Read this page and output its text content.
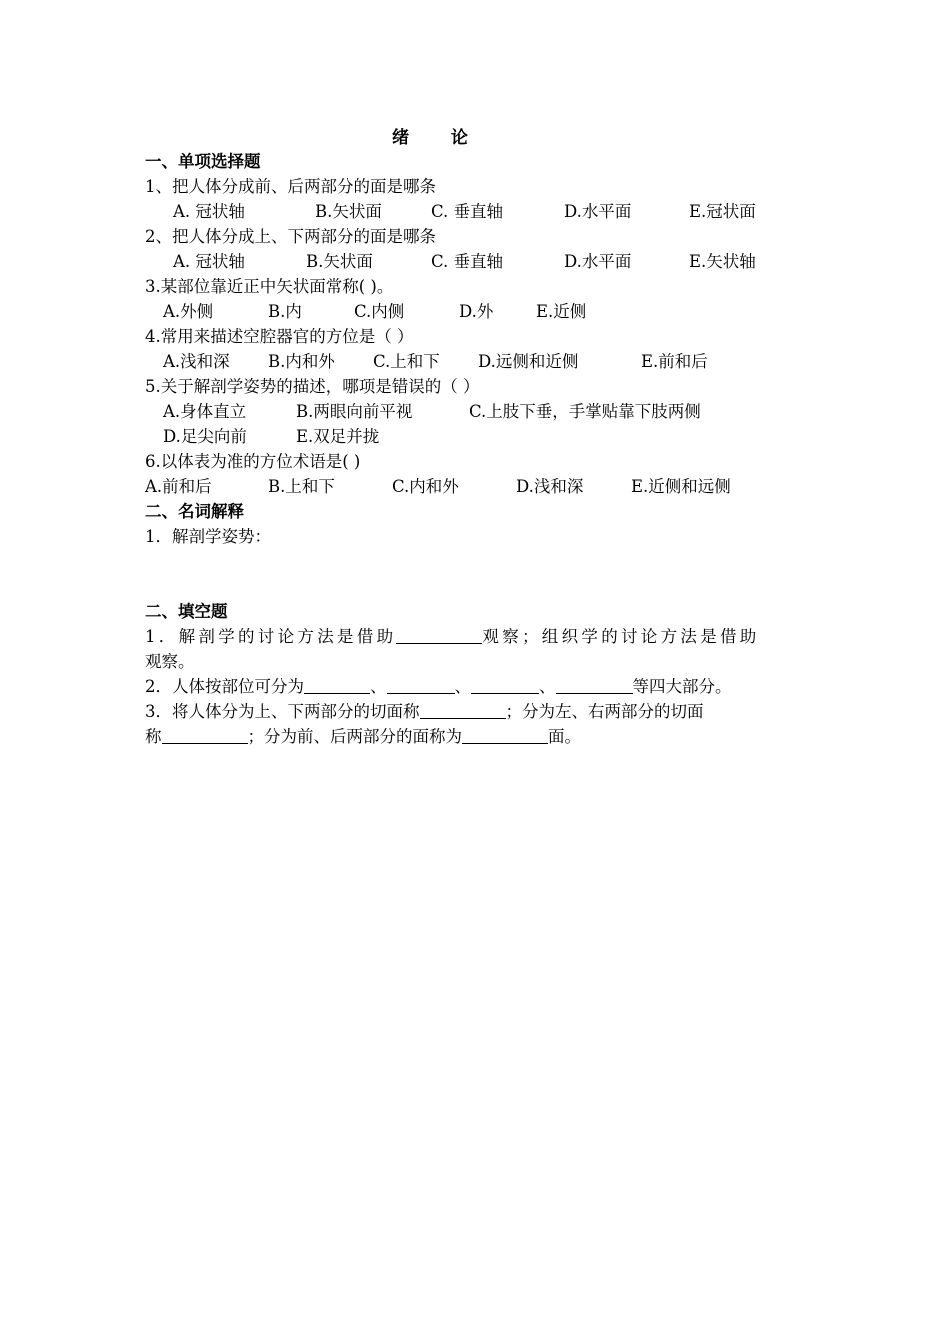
绪 论
一、单项选择题
1、把人体分成前、后两部分的面是哪条
A. 冠状轴	B.矢状面	C. 垂直轴	D.水平面	E.冠状面
2、把人体分成上、下两部分的面是哪条
A. 冠状轴	B.矢状面	C. 垂直轴	D.水平面	E.矢状轴
3.某部位靠近正中矢状面常称( )。
A.外侧	B.内	C.内侧	D.外	E.近侧
4.常用来描述空腔器官的方位是（ ）
A.浅和深 B.内和外 C.上和下 D.远侧和近侧	E.前和后
5.关于解剖学姿势的描述，哪项是错误的（ ）
A.身体直立	B.两眼向前平视	C.上肢下垂，手掌贴靠下肢两侧
D.足尖向前	E.双足并拢
6.以体表为准的方位术语是( )
A.前和后	B.上和下	C.内和外	D.浅和深	E.近侧和远侧
二、名词解释
1．解剖学姿势：
二、填空题
1．解剖学的讨论方法是借助	观察；组织学的讨论方法是借助
观察。
2．人体按部位可分为	、	、	、	等四大部分。
3．将人体分为上、下两部分的切面称	；分为左、右两部分的切面
称	；分为前、后两部分的面称为	面。
